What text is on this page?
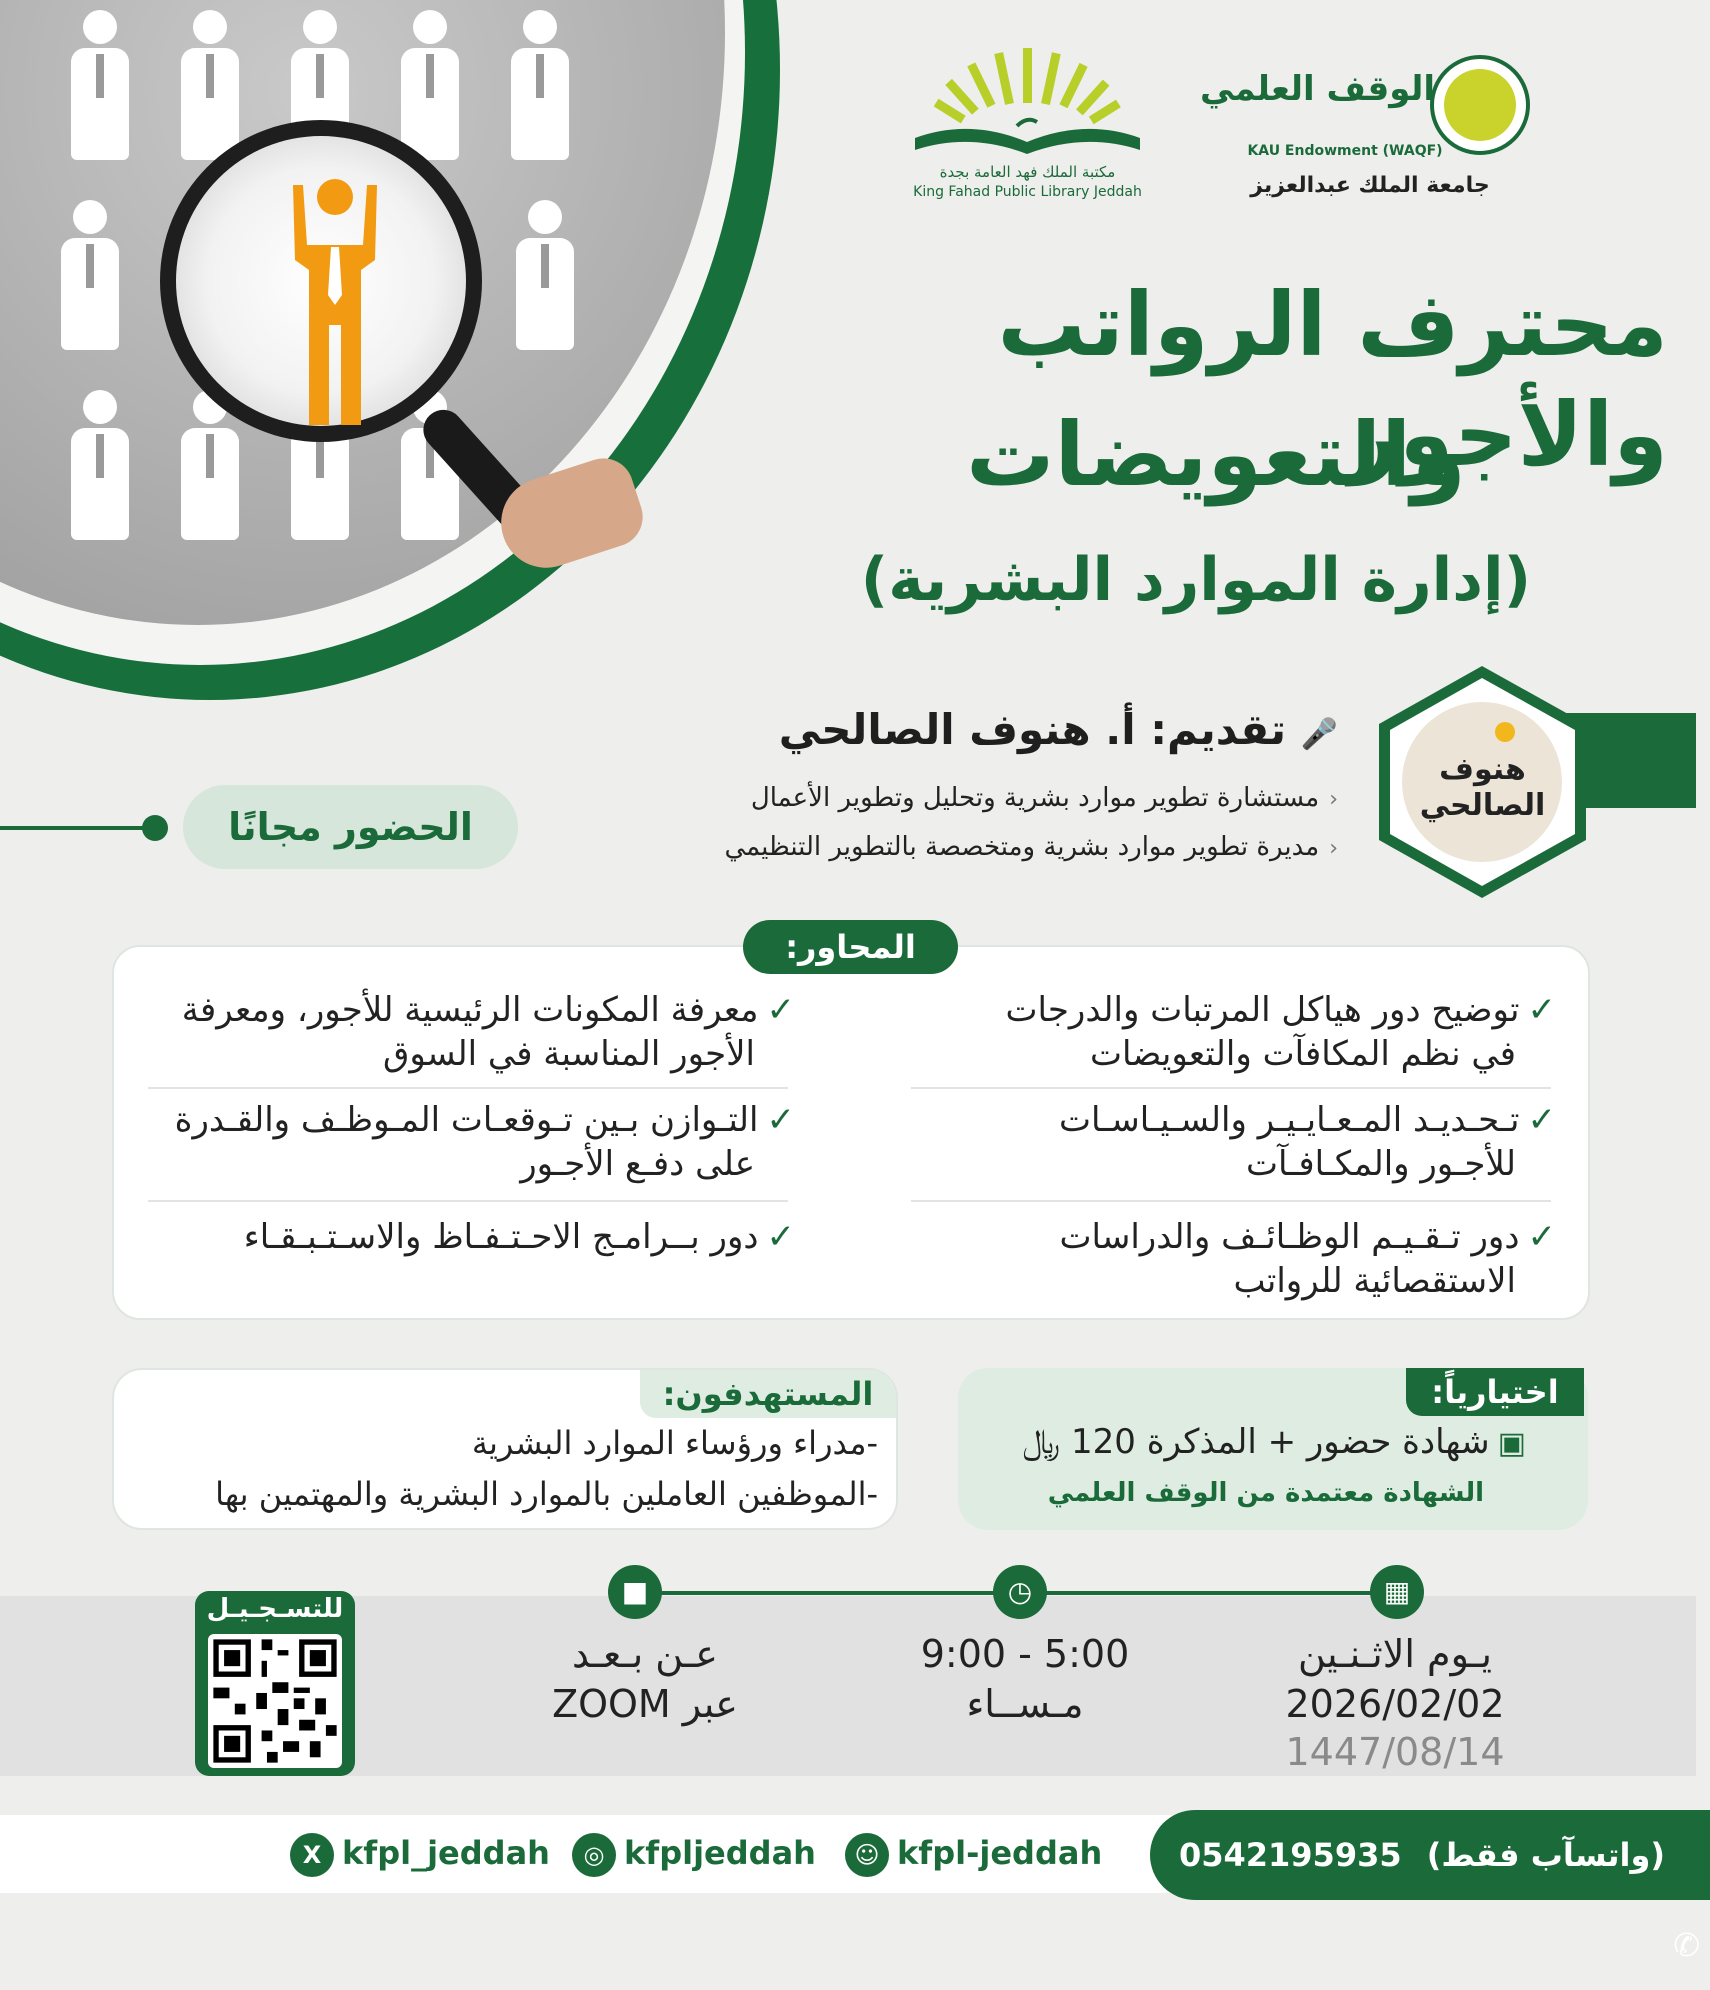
مكتبة الملك فهد العامة بجدة
King Fahad Public Library Jeddah
الوقف العلمي
KAU Endowment (WAQF)
جامعة الملك عبدالعزيز
محترف الرواتب والأجور
والتعويضات
(إدارة الموارد البشرية)
هنوف الصالحي
🎤 تقديم: أ. هنوف الصالحي
‹مستشارة تطوير موارد بشرية وتحليل وتطوير الأعمال
‹مديرة تطوير موارد بشرية ومتخصصة بالتطوير التنظيمي
الحضور مجانًا
المحاور:
✓توضيح دور هياكل المرتبات والدرجات
في نظم المكافآت والتعويضات
✓تـحـديـد المـعـايـيـر والسـيـاسـات
للأجـور والمكـافـآت
✓دور تـقـيـم الوظـائـف والدراسات
الاستقصائية للرواتب
✓معرفة المكونات الرئيسية للأجور، ومعرفة
الأجور المناسبة في السوق
✓التـوازن بـين تـوقعـات المـوظـف والقـدرة
على دفـع الأجـور
✓دور بــرامـج الاحـتـفـاظ والاسـتـبـقـاء
اختيارياً:
▣شهادة حضور + المذكرة 120 ﷼
الشهادة معتمدة من الوقف العلمي
المستهدفون:
-مدراء ورؤساء الموارد البشرية
-الموظفين العاملين بالموارد البشرية والمهتمين بها
▦
◷
■
يـوم الاثـنـين
2026/02/02
1447/08/14
9:00 - 5:00
مـســاء
عـن بـعـد
عبر ZOOM
للتسـجـيـل
X kfpl_jeddah	◎ kfpljeddah	☺ kfpl-jeddah	(واتسآب فقط) 0542195935 ✆
